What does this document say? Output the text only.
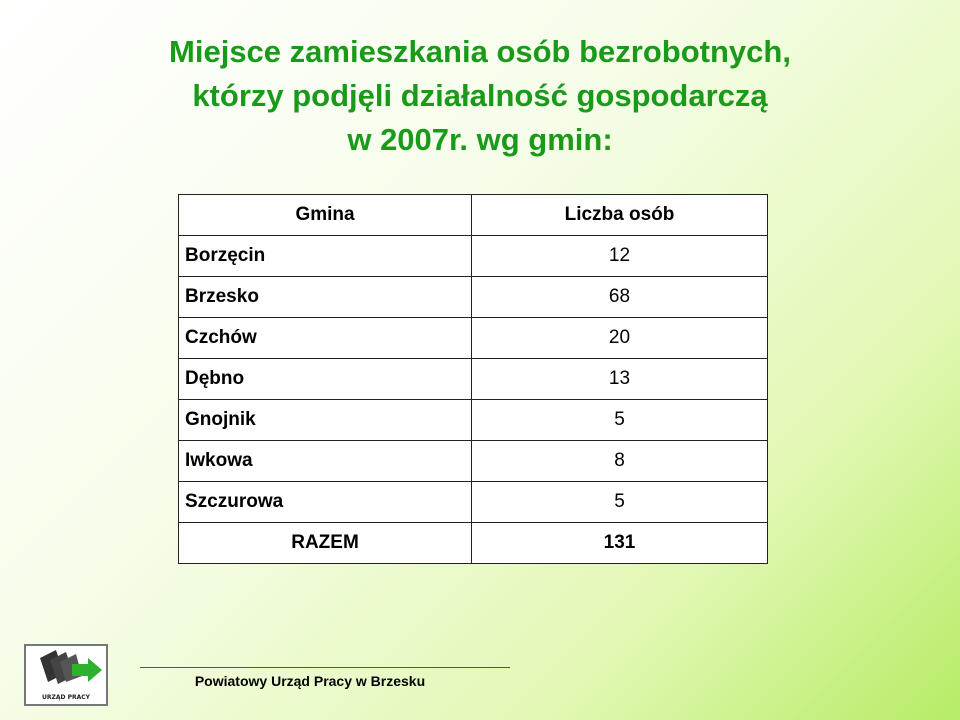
Miejsce zamieszkania osób bezrobotnych,
którzy podjęli działalność gospodarczą
w 2007r. wg gmin:
Gmina	Liczba osób
Borzęcin	12
Brzesko	68
Czchów	20
Dębno	13
Gnojnik	5
Iwkowa	8
Szczurowa	5
RAZEM	131
URZĄD PRACY
Powiatowy Urząd Pracy w Brzesku
